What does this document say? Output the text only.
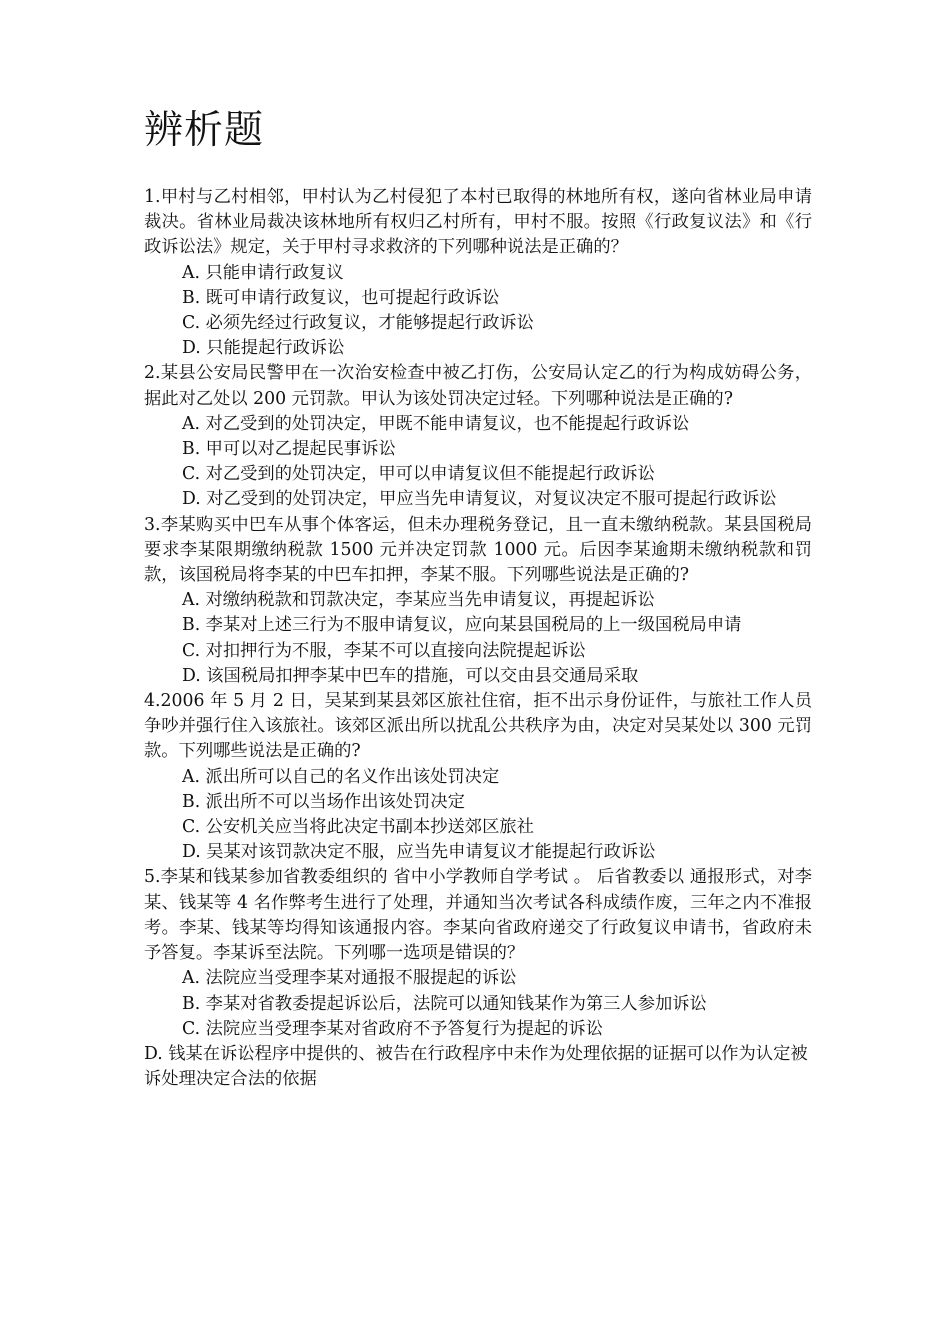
辨析题

1.甲村与乙村相邻，甲村认为乙村侵犯了本村已取得的林地所有权，遂向省林业局申请裁决。省林业局裁决该林地所有权归乙村所有，甲村不服。按照《行政复议法》和《行政诉讼法》规定，关于甲村寻求救济的下列哪种说法是正确的？

A. 只能申请行政复议

B. 既可申请行政复议，也可提起行政诉讼

C. 必须先经过行政复议，才能够提起行政诉讼

D. 只能提起行政诉讼

2.某县公安局民警甲在一次治安检查中被乙打伤，公安局认定乙的行为构成妨碍公务，据此对乙处以 200 元罚款。甲认为该处罚决定过轻。下列哪种说法是正确的?

A. 对乙受到的处罚决定，甲既不能申请复议，也不能提起行政诉讼

B. 甲可以对乙提起民事诉讼

C. 对乙受到的处罚决定，甲可以申请复议但不能提起行政诉讼

D. 对乙受到的处罚决定，甲应当先申请复议，对复议决定不服可提起行政诉讼

3.李某购买中巴车从事个体客运，但未办理税务登记，且一直未缴纳税款。某县国税局要求李某限期缴纳税款 1500 元并决定罚款 1000 元。后因李某逾期未缴纳税款和罚款，该国税局将李某的中巴车扣押，李某不服。下列哪些说法是正确的?

A. 对缴纳税款和罚款决定，李某应当先申请复议，再提起诉讼

B. 李某对上述三行为不服申请复议，应向某县国税局的上一级国税局申请

C. 对扣押行为不服，李某不可以直接向法院提起诉讼

D. 该国税局扣押李某中巴车的措施，可以交由县交通局采取

4.2006 年 5 月 2 日，吴某到某县郊区旅社住宿，拒不出示身份证件，与旅社工作人员争吵并强行住入该旅社。该郊区派出所以扰乱公共秩序为由，决定对吴某处以 300 元罚款。下列哪些说法是正确的?

A. 派出所可以自己的名义作出该处罚决定

B. 派出所不可以当场作出该处罚决定

C. 公安机关应当将此决定书副本抄送郊区旅社

D. 吴某对该罚款决定不服，应当先申请复议才能提起行政诉讼

5.李某和钱某参加省教委组织的 省中小学教师自学考试 。 后省教委以 通报形式，对李某、钱某等 4 名作弊考生进行了处理，并通知当次考试各科成绩作废，三年之内不准报考。李某、钱某等均得知该通报内容。李某向省政府递交了行政复议申请书，省政府未予答复。李某诉至法院。下列哪一选项是错误的？

A. 法院应当受理李某对通报不服提起的诉讼

B. 李某对省教委提起诉讼后，法院可以通知钱某作为第三人参加诉讼

C. 法院应当受理李某对省政府不予答复行为提起的诉讼

D. 钱某在诉讼程序中提供的、被告在行政程序中未作为处理依据的证据可以作为认定被诉处理决定合法的依据
